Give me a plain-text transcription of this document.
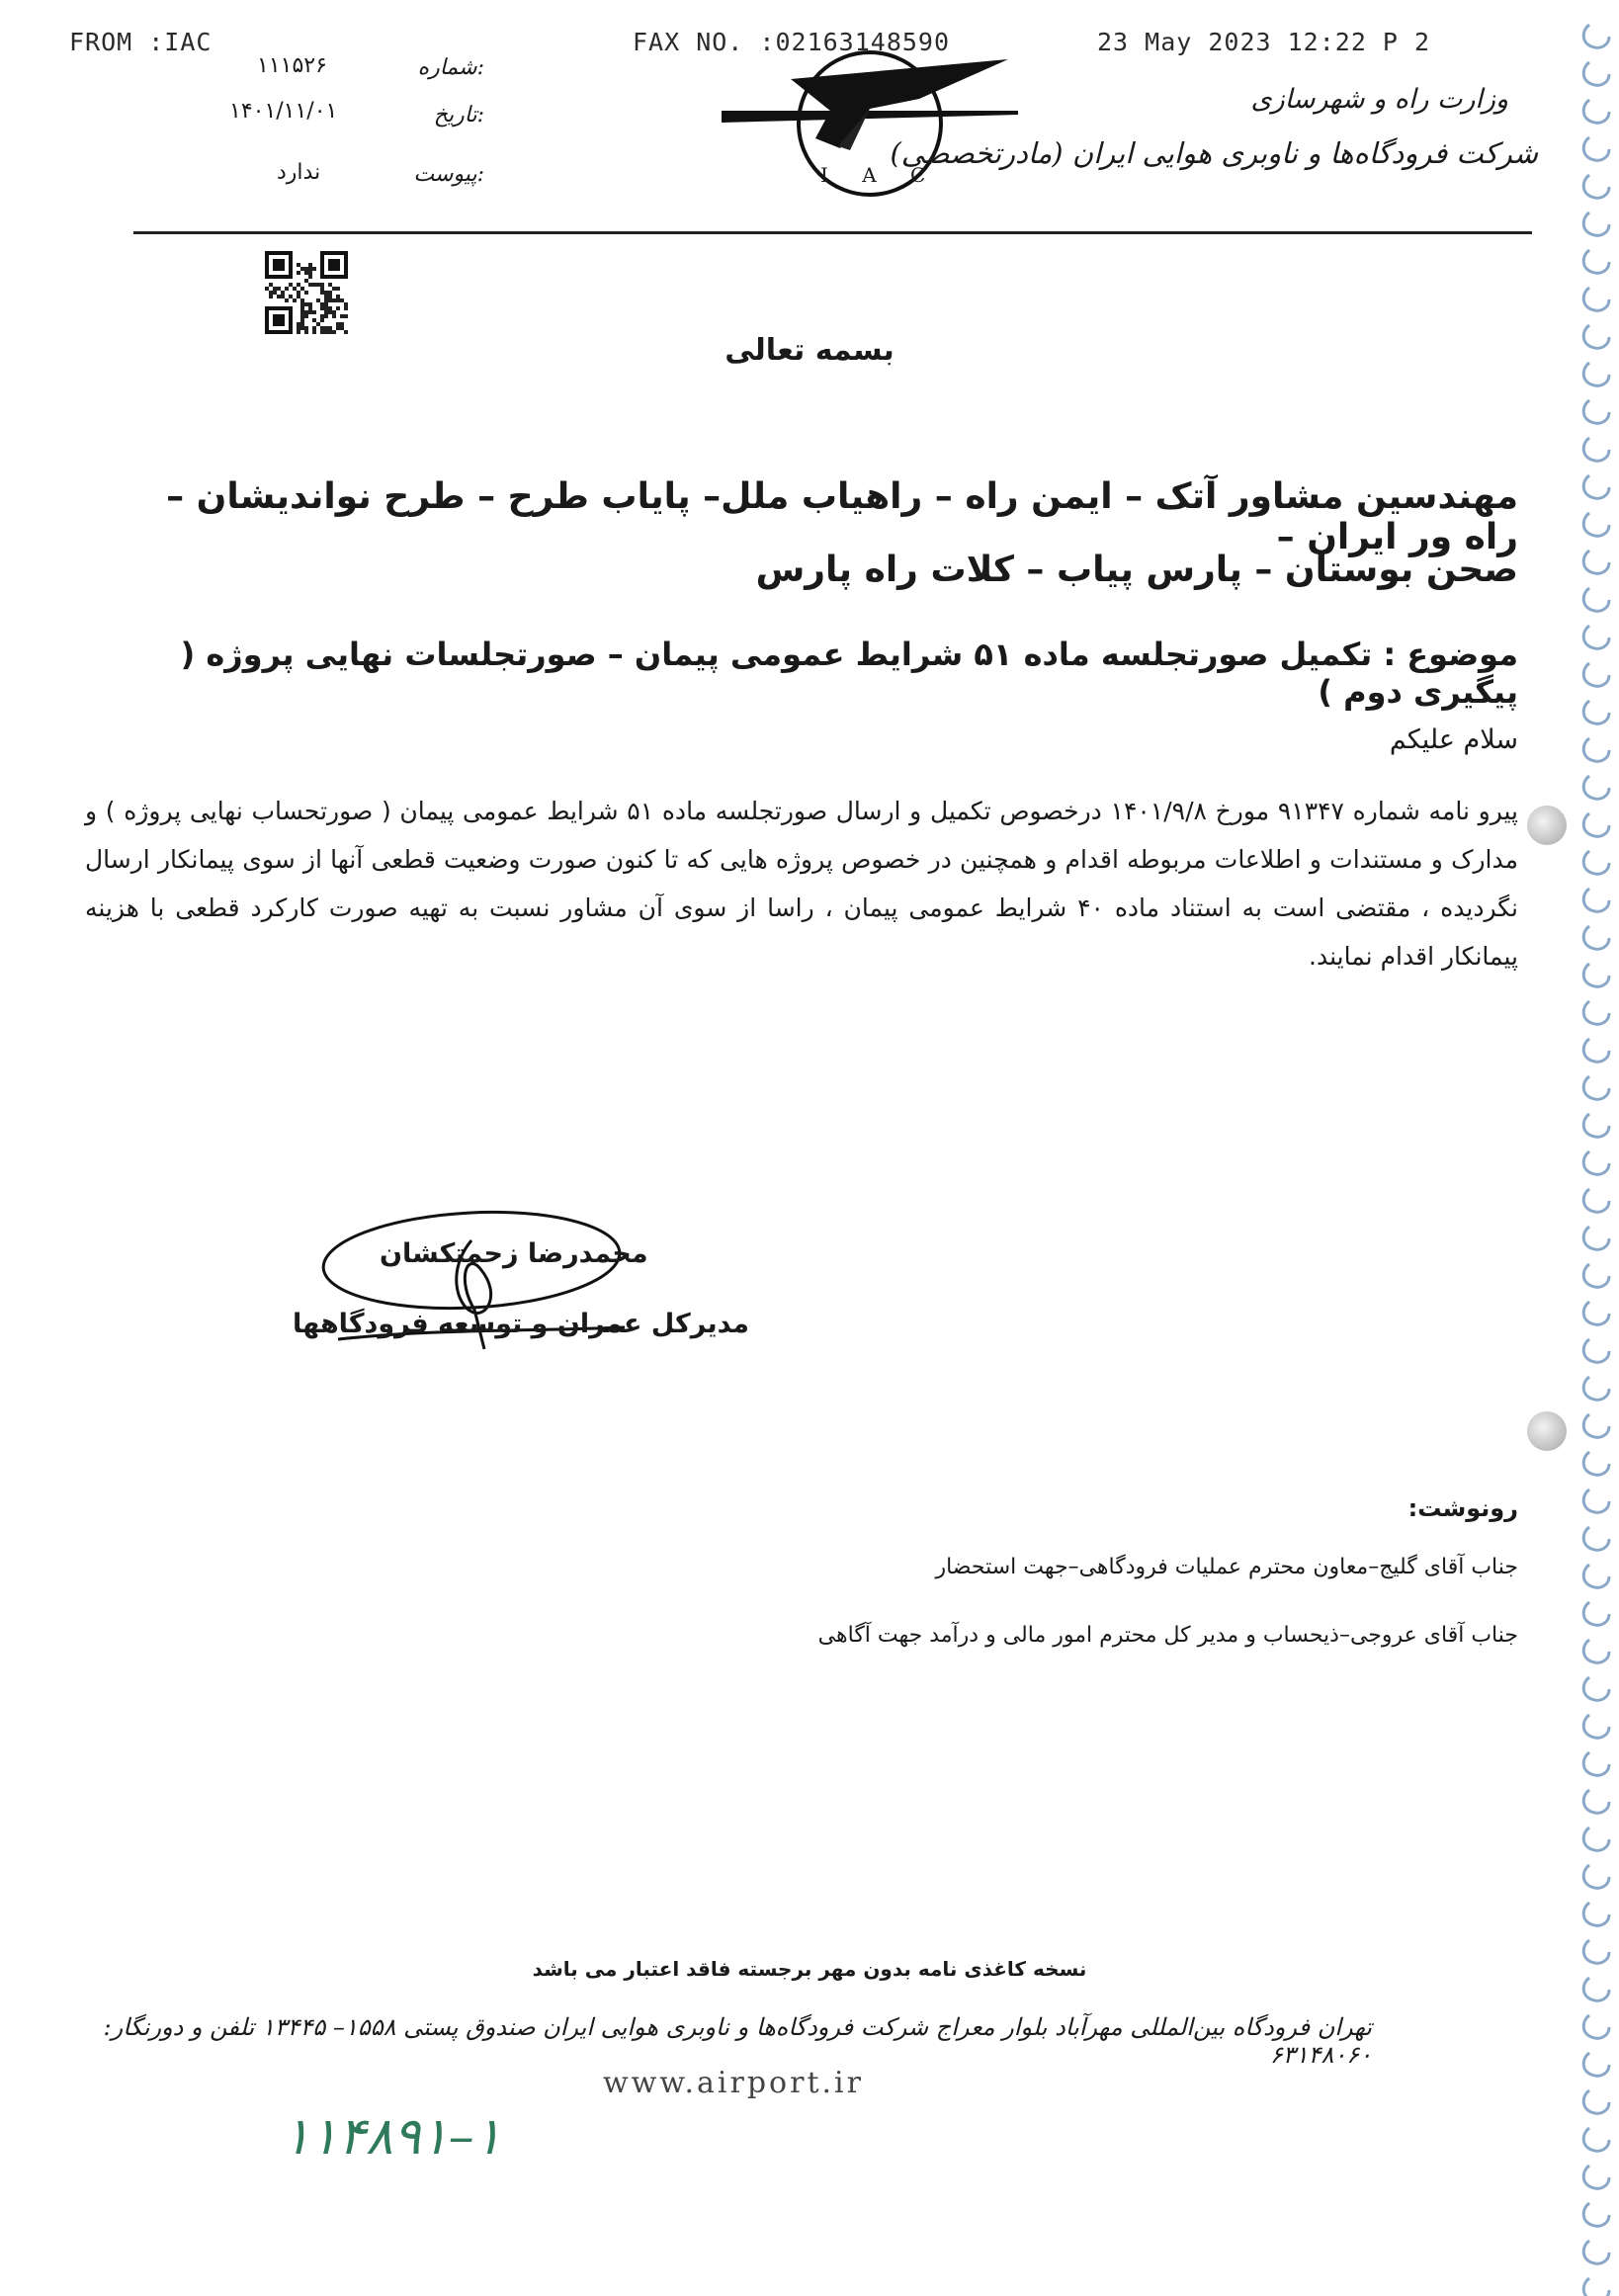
FROM :IAC	FAX NO. :02163148590	23 May 2023 12:22 P 2
شماره:
۱۱۱۵۲۶
تاریخ:
۱۴۰۱/۱۱/۰۱
پیوست:
ندارد	I A C
وزارت راه و شهرسازی
شرکت فرودگاه‌ها و ناوبری هوایی ایران (مادرتخصصی)
بسمه تعالی
مهندسین مشاور آتک – ایمن راه – راهیاب ملل– پایاب طرح – طرح نواندیشان – راه ور ایران –
صحن بوستان – پارس پیاب – کلات راه پارس
موضوع : تکمیل صورتجلسه ماده ۵۱ شرایط عمومی پیمان – صورتجلسات نهایی پروژه ( پیگیری دوم )
سلام علیکم
پیرو نامه شماره ۹۱۳۴۷ مورخ ۱۴۰۱/۹/۸ درخصوص تکمیل و ارسال صورتجلسه ماده ۵۱ شرایط عمومی پیمان ( صورتحساب نهایی پروژه ) و مدارک و مستندات و اطلاعات مربوطه اقدام و همچنین در خصوص پروژه هایی که تا کنون صورت وضعیت قطعی آنها از سوی پیمانکار ارسال نگردیده ، مقتضی است به استناد ماده ۴۰ شرایط عمومی پیمان ، راسا از سوی آن مشاور نسبت به تهیه صورت کارکرد قطعی با هزینه پیمانکار اقدام نمایند.
محمدرضا زحمتکشان
مدیرکل عمران و توسعه فرودگاهها
رونوشت:
جناب آقای گلیج–معاون محترم عملیات فرودگاهی–جهت استحضار
جناب آقای عروجی–ذیحساب و مدیر کل محترم امور مالی و درآمد جهت آگاهی
نسخه کاغذی نامه بدون مهر برجسته فاقد اعتبار می باشد
تهران فرودگاه بین‌المللی مهرآباد بلوار معراج شرکت فرودگاه‌ها و ناوبری هوایی ایران صندوق پستی ۱۵۵۸– ۱۳۴۴۵ تلفن و دورنگار: ۶۳۱۴۸۰۶۰
www.airport.ir
۱۱۴۸۹۱–۱
